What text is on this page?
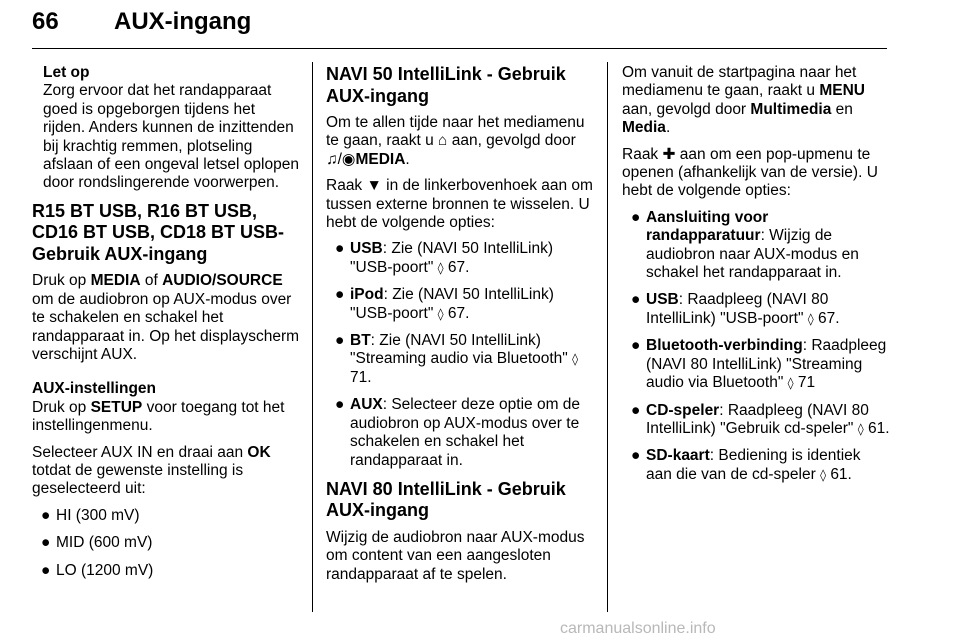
66 AUX-ingang
Let op
Zorg ervoor dat het randapparaat goed is opgeborgen tijdens het rijden. Anders kunnen de inzittenden bij krachtig remmen, plotseling afslaan of een ongeval letsel oplopen door rondslingerende voorwerpen.
R15 BT USB, R16 BT USB, CD16 BT USB, CD18 BT USB-Gebruik AUX-ingang

Druk op MEDIA of AUDIO/SOURCE om de audiobron op AUX-modus over te schakelen en schakel het randapparaat in. Op het displayscherm verschijnt AUX.

AUX-instellingen

Druk op SETUP voor toegang tot het instellingenmenu.

Selecteer AUX IN en draai aan OK totdat de gewenste instelling is geselecteerd uit:

● HI (300 mV)
● MID (600 mV)
● LO (1200 mV)
NAVI 50 IntelliLink - Gebruik AUX-ingang

Om te allen tijde naar het mediamenu te gaan, raakt u ⌂ aan, gevolgd door ♫/◉MEDIA.

Raak ▼ in de linkerbovenhoek aan om tussen externe bronnen te wisselen. U hebt de volgende opties:

● USB: Zie (NAVI 50 IntelliLink) "USB-poort" ◊ 67.
● iPod: Zie (NAVI 50 IntelliLink) "USB-poort" ◊ 67.
● BT: Zie (NAVI 50 IntelliLink) "Streaming audio via Bluetooth" ◊ 71.
● AUX: Selecteer deze optie om de audiobron op AUX-modus over te schakelen en schakel het randapparaat in.
NAVI 80 IntelliLink - Gebruik AUX-ingang

Wijzig de audiobron naar AUX-modus om content van een aangesloten randapparaat af te spelen.

Om vanuit de startpagina naar het mediamenu te gaan, raakt u MENU aan, gevolgd door Multimedia en Media.

Raak ✚ aan om een pop-upmenu te openen (afhankelijk van de versie). U hebt de volgende opties:

● Aansluiting voor randapparatuur: Wijzig de audiobron naar AUX-modus en schakel het randapparaat in.
● USB: Raadpleeg (NAVI 80 IntelliLink) "USB-poort" ◊ 67.
● Bluetooth-verbinding: Raadpleeg (NAVI 80 IntelliLink) "Streaming audio via Bluetooth" ◊ 71
● CD-speler: Raadpleeg (NAVI 80 IntelliLink) "Gebruik cd-speler" ◊ 61.
● SD-kaart: Bediening is identiek aan die van de cd-speler ◊ 61.
carmanualsonline.info
